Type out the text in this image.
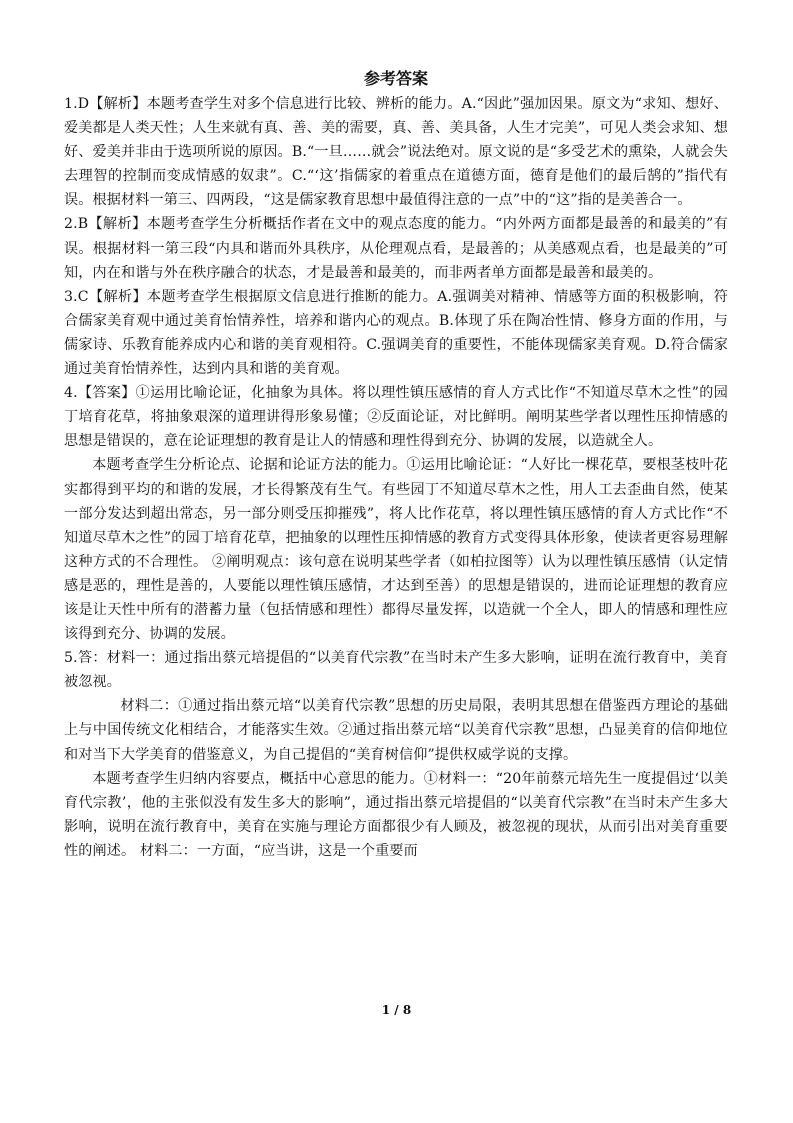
参考答案

1.D【解析】本题考查学生对多个信息进行比较、辨析的能力。A.“因此”强加因果。原文为“求知、想好、爱美都是人类天性；人生来就有真、善、美的需要，真、善、美具备，人生才完美”，可见人类会求知、想好、爱美并非由于选项所说的原因。B.“一旦……就会”说法绝对。原文说的是“多受艺术的熏染，人就会失去理智的控制而变成情感的奴隶”。C.“‘这’指儒家的着重点在道德方面，德育是他们的最后鹄的”指代有误。根据材料一第三、四两段，“这是儒家教育思想中最值得注意的一点”中的“这”指的是美善合一。

2.B【解析】本题考查学生分析概括作者在文中的观点态度的能力。“内外两方面都是最善的和最美的”有误。根据材料一第三段“内具和谐而外具秩序，从伦理观点看，是最善的；从美感观点看，也是最美的”可知，内在和谐与外在秩序融合的状态，才是最善和最美的，而非两者单方面都是最善和最美的。

3.C【解析】本题考查学生根据原文信息进行推断的能力。A.强调美对精神、情感等方面的积极影响，符合儒家美育观中通过美育怡情养性，培养和谐内心的观点。B.体现了乐在陶冶性情、修身方面的作用，与儒家诗、乐教育能养成内心和谐的美育观相符。C.强调美育的重要性，不能体现儒家美育观。D.符合儒家通过美育怡情养性，达到内具和谐的美育观。

4.【答案】①运用比喻论证，化抽象为具体。将以理性镇压感情的育人方式比作“不知道尽草木之性”的园丁培育花草，将抽象艰深的道理讲得形象易懂；②反面论证，对比鲜明。阐明某些学者以理性压抑情感的思想是错误的，意在论证理想的教育是让人的情感和理性得到充分、协调的发展，以造就全人。

本题考查学生分析论点、论据和论证方法的能力。①运用比喻论证：“人好比一棵花草，要根茎枝叶花实都得到平均的和谐的发展，才长得繁茂有生气。有些园丁不知道尽草木之性，用人工去歪曲自然，使某一部分发达到超出常态，另一部分则受压抑摧残”，将人比作花草，将以理性镇压感情的育人方式比作“不知道尽草木之性”的园丁培育花草，把抽象的以理性压抑情感的教育方式变得具体形象，使读者更容易理解这种方式的不合理性。 ②阐明观点：该句意在说明某些学者（如柏拉图等）认为以理性镇压感情（认定情感是恶的，理性是善的，人要能以理性镇压感情，才达到至善）的思想是错误的，进而论证理想的教育应该是让天性中所有的潜蓄力量（包括情感和理性）都得尽量发挥，以造就一个全人，即人的情感和理性应该得到充分、协调的发展。

5.答：材料一：通过指出蔡元培提倡的“以美育代宗教”在当时未产生多大影响，证明在流行教育中，美育被忽视。

材料二：①通过指出蔡元培“以美育代宗教”思想的历史局限，表明其思想在借鉴西方理论的基础上与中国传统文化相结合，才能落实生效。②通过指出蔡元培“以美育代宗教”思想，凸显美育的信仰地位和对当下大学美育的借鉴意义，为自己提倡的“美育树信仰”提供权威学说的支撑。

本题考查学生归纳内容要点，概括中心意思的能力。①材料一：“20年前蔡元培先生一度提倡过‘以美育代宗教’，他的主张似没有发生多大的影响”，通过指出蔡元培提倡的“以美育代宗教”在当时未产生多大影响，说明在流行教育中，美育在实施与理论方面都很少有人顾及，被忽视的现状，从而引出对美育重要性的阐述。 材料二：一方面，“应当讲，这是一个重要而

1 / 8
